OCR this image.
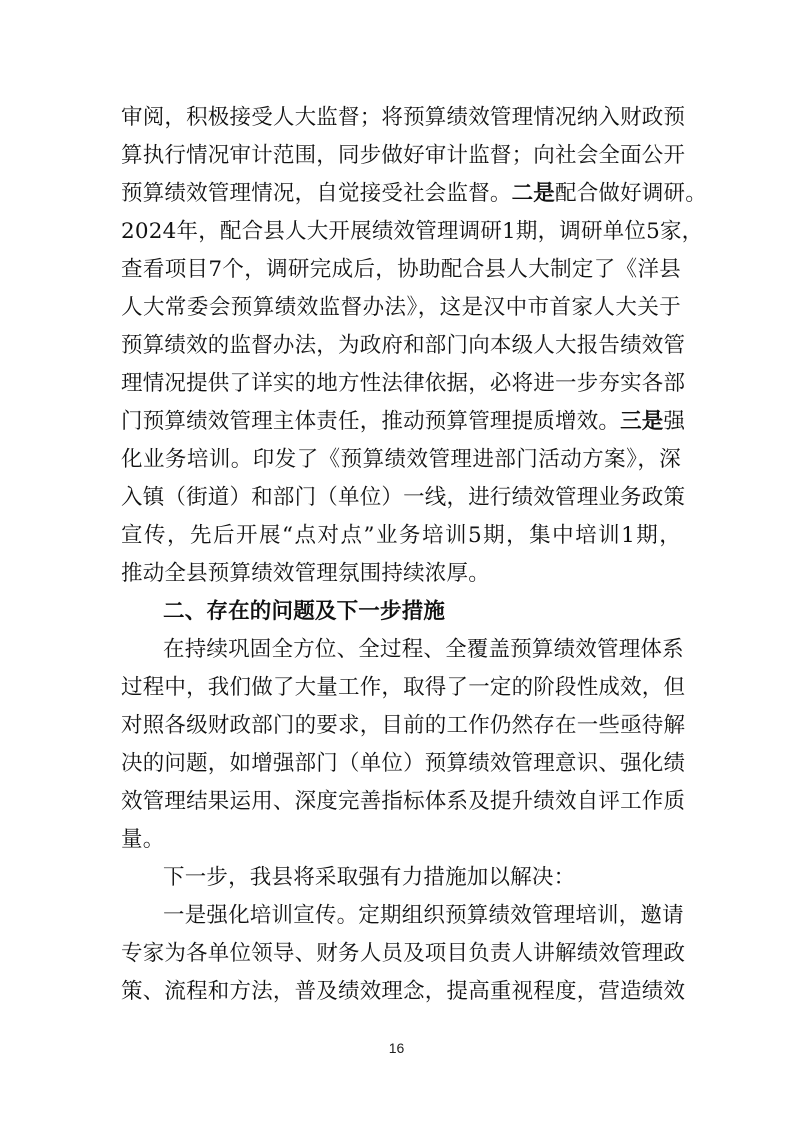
审阅，积极接受人大监督；将预算绩效管理情况纳入财政预
算执行情况审计范围，同步做好审计监督；向社会全面公开
预算绩效管理情况，自觉接受社会监督。二是配合做好调研。
2024年，配合县人大开展绩效管理调研1期，调研单位5家，
查看项目7个，调研完成后，协助配合县人大制定了《洋县
人大常委会预算绩效监督办法》，这是汉中市首家人大关于
预算绩效的监督办法，为政府和部门向本级人大报告绩效管
理情况提供了详实的地方性法律依据，必将进一步夯实各部
门预算绩效管理主体责任，推动预算管理提质增效。三是强
化业务培训。印发了《预算绩效管理进部门活动方案》，深
入镇（街道）和部门（单位）一线，进行绩效管理业务政策
宣传，先后开展“点对点”业务培训5期，集中培训1期，
推动全县预算绩效管理氛围持续浓厚。
二、存在的问题及下一步措施
在持续巩固全方位、全过程、全覆盖预算绩效管理体系
过程中，我们做了大量工作，取得了一定的阶段性成效，但
对照各级财政部门的要求，目前的工作仍然存在一些亟待解
决的问题，如增强部门（单位）预算绩效管理意识、强化绩
效管理结果运用、深度完善指标体系及提升绩效自评工作质
量。
下一步，我县将采取强有力措施加以解决：
一是强化培训宣传。定期组织预算绩效管理培训，邀请
专家为各单位领导、财务人员及项目负责人讲解绩效管理政
策、流程和方法，普及绩效理念，提高重视程度，营造绩效
16
